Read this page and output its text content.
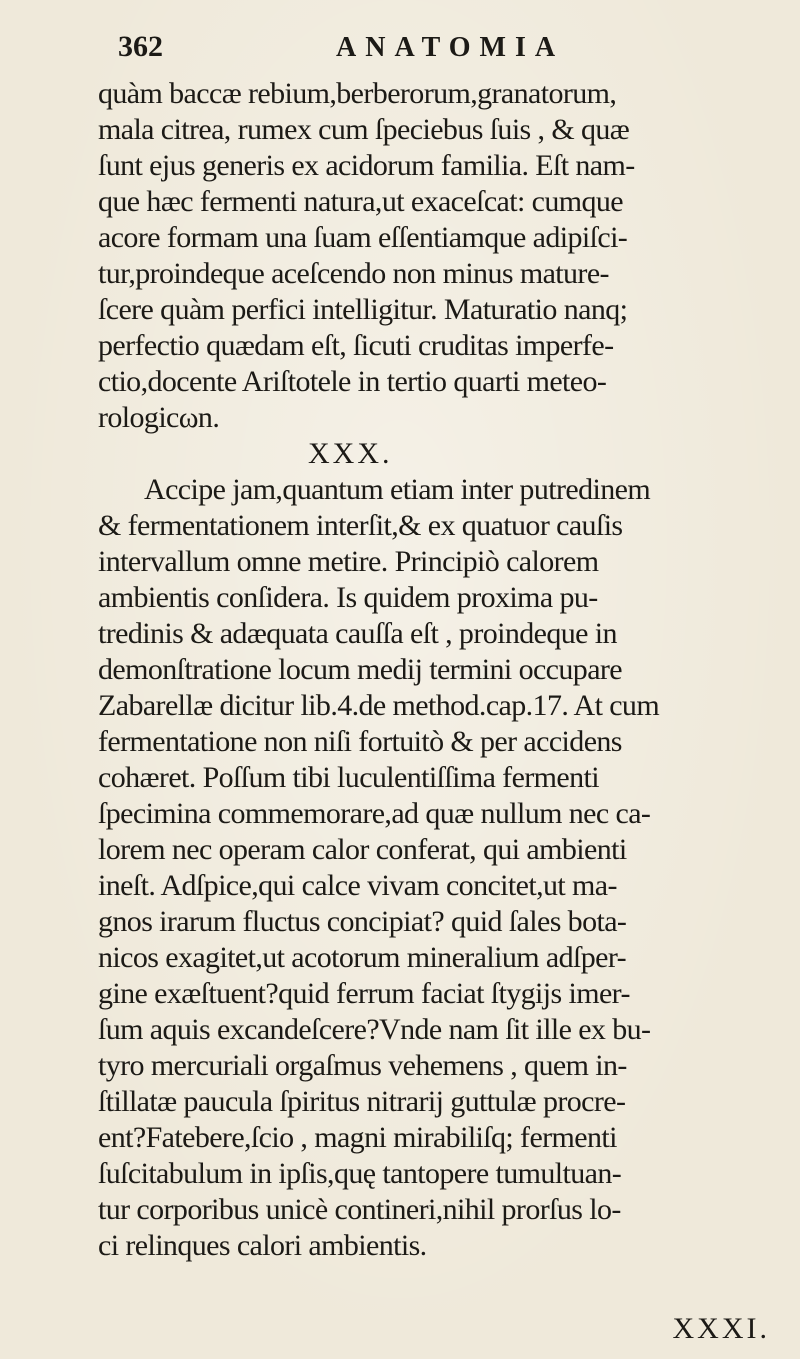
362	ANATOMIA
quàm baccæ rebium,berberorum,granatorum,
mala citrea, rumex cum ſpeciebus ſuis , & quæ
ſunt ejus generis ex acidorum familia. Eſt nam-
que hæc fermenti natura,ut exaceſcat: cumque
acore formam una ſuam eſſentiamque adipiſci-
tur,proindeque aceſcendo non minus mature-
ſcere quàm perfici intelligitur. Maturatio nanq;
perfectio quædam eſt, ſicuti cruditas imperfe-
ctio,docente Ariſtotele in tertio quarti meteo-
rologicωn.
XXX.
Accipe jam,quantum etiam inter putredinem
& fermentationem interſit,& ex quatuor cauſis
intervallum omne metire. Principiò calorem
ambientis conſidera. Is quidem proxima pu-
tredinis & adæquata cauſſa eſt , proindeque in
demonſtratione locum medij termini occupare
Zabarellæ dicitur lib.4.de method.cap.17. At cum
fermentatione non niſi fortuitò & per accidens
cohæret. Poſſum tibi luculentiſſima fermenti
ſpecimina commemorare,ad quæ nullum nec ca-
lorem nec operam calor conferat, qui ambienti
ineſt. Adſpice,qui calce vivam concitet,ut ma-
gnos irarum fluctus concipiat? quid ſales bota-
nicos exagitet,ut acotorum mineralium adſper-
gine exæſtuent?quid ferrum faciat ſtygijs imer-
ſum aquis excandeſcere?Vnde nam ſit ille ex bu-
tyro mercuriali orgaſmus vehemens , quem in-
ſtillatæ paucula ſpiritus nitrarij guttulæ procre-
ent?Fatebere,ſcio , magni mirabiliſq; fermenti
ſuſcitabulum in ipſis,quę tantopere tumultuan-
tur corporibus unicè contineri,nihil prorſus lo-
ci relinques calori ambientis.
XXXI.
